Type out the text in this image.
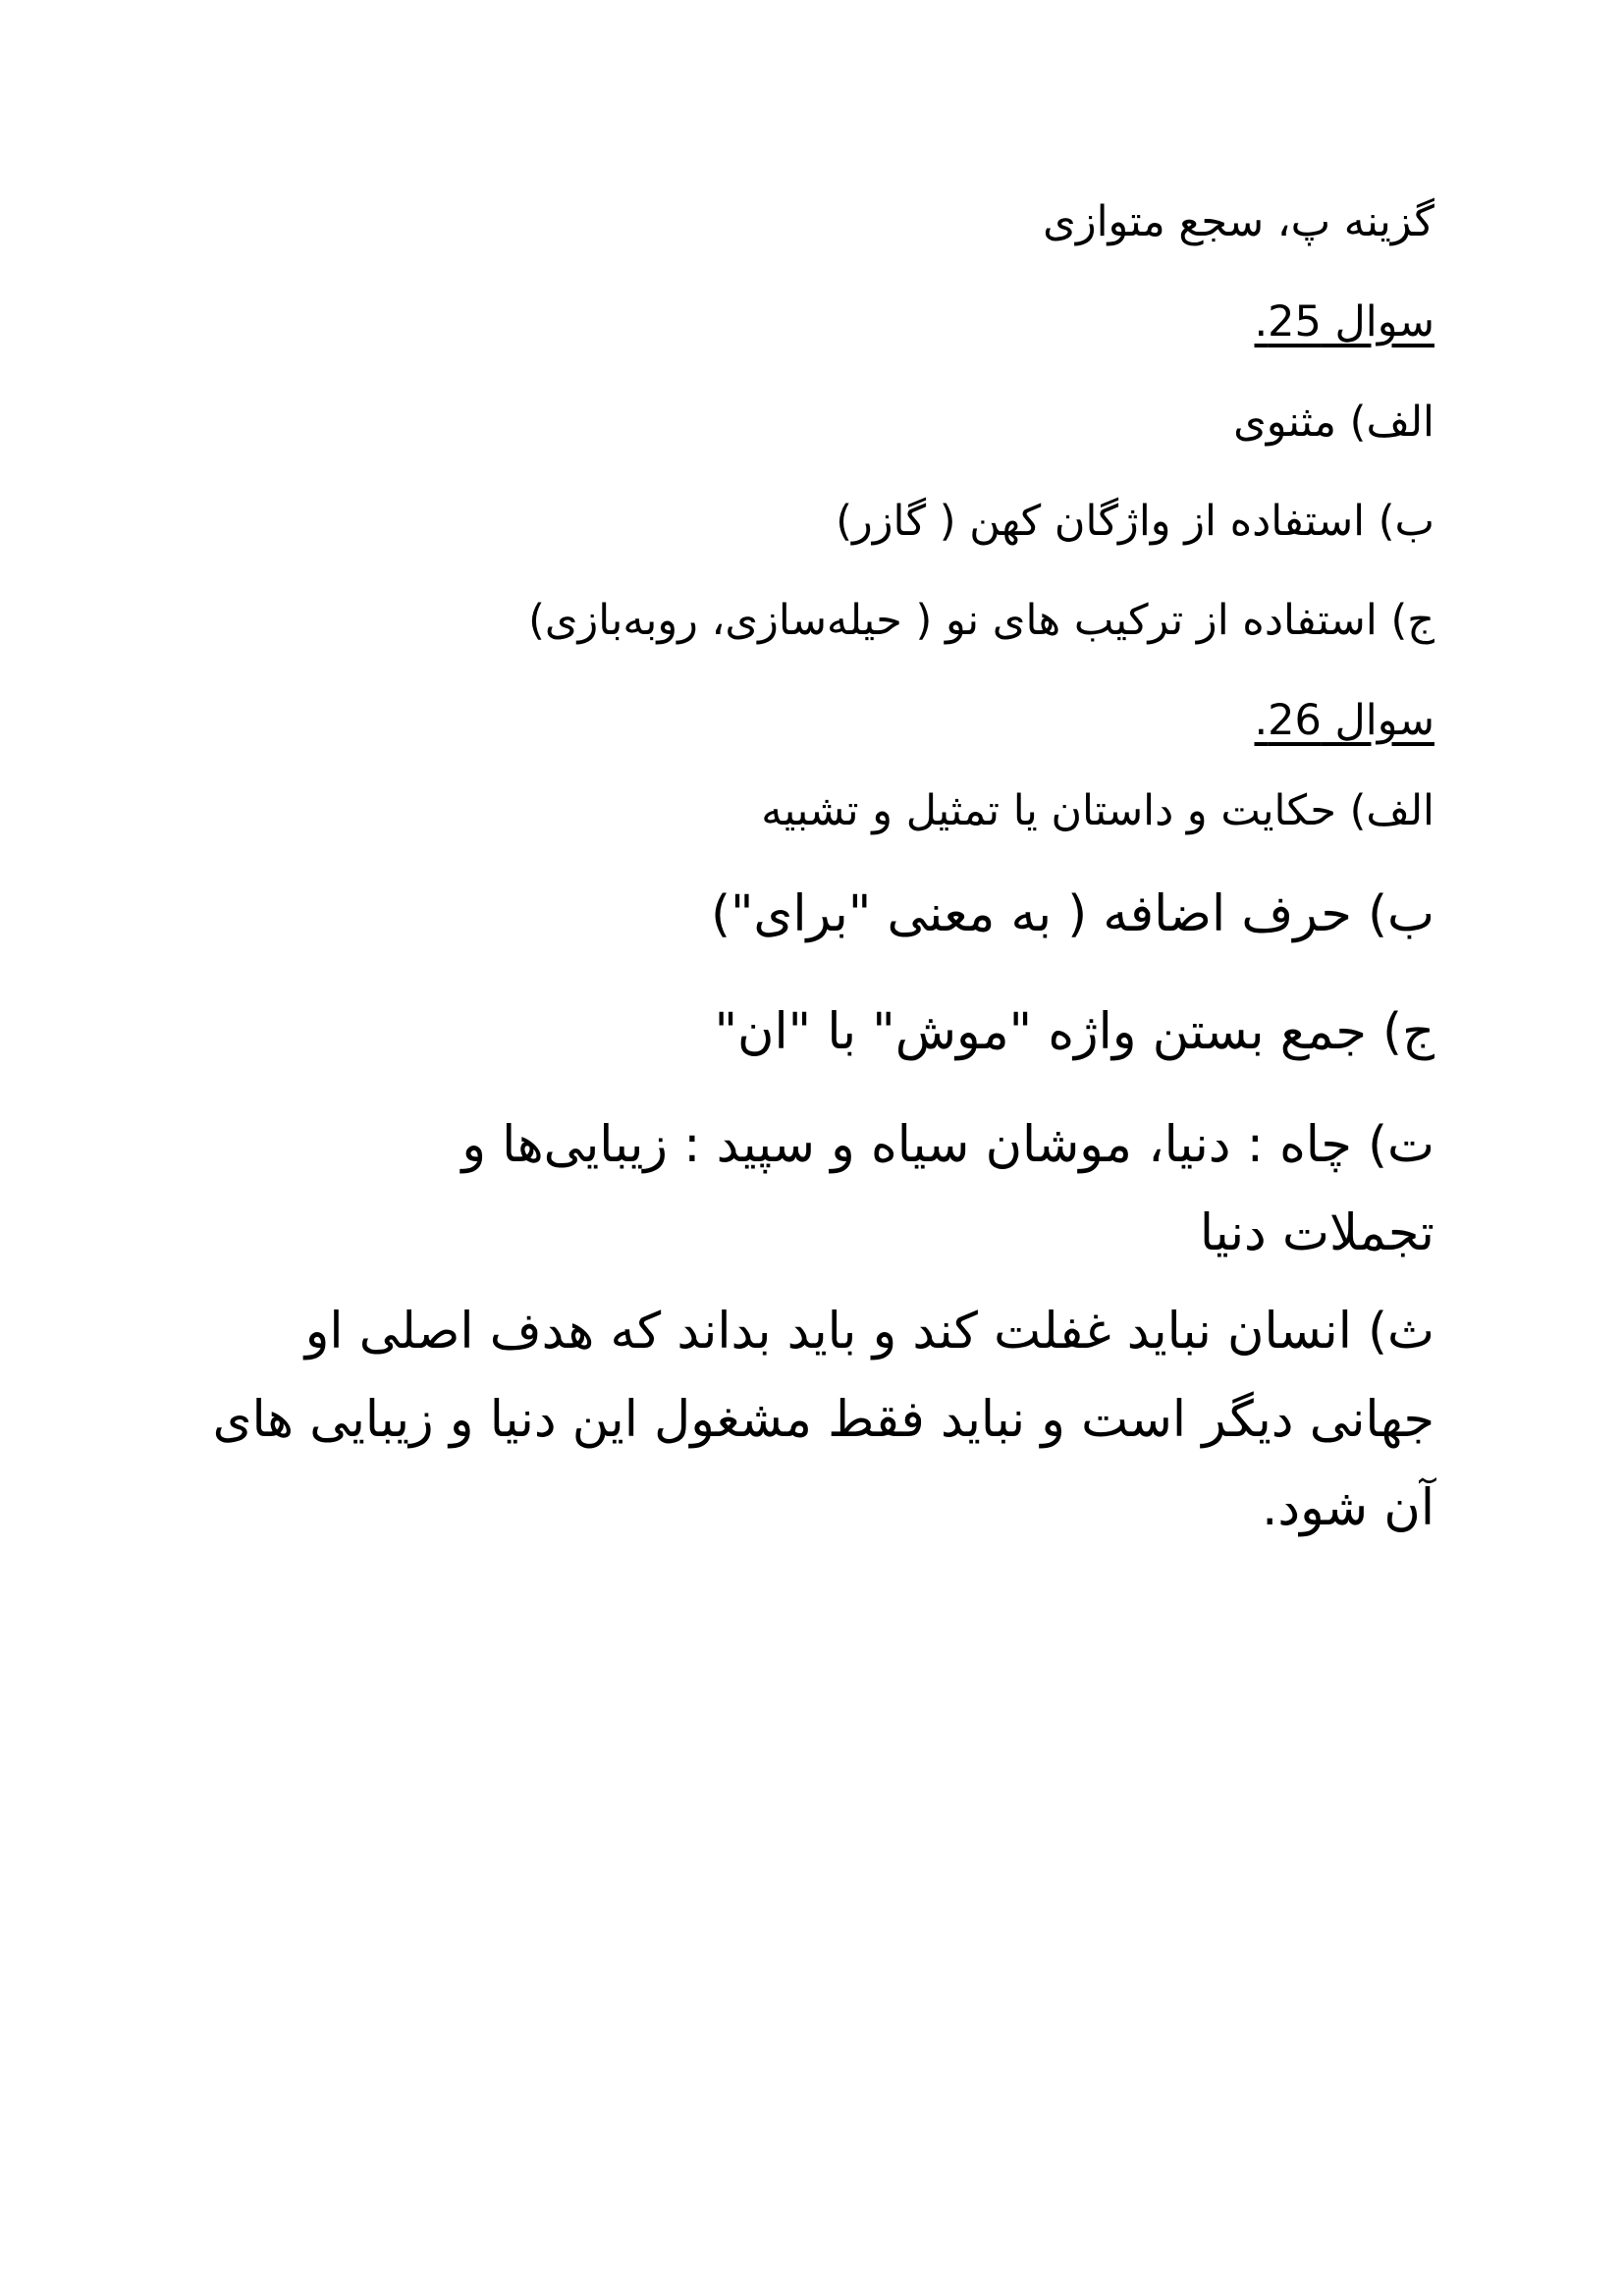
گزینه پ، سجع متوازی

سوال 25.

الف) مثنوی

ب) استفاده از واژگان کهن ( گازر)

ج) استفاده از ترکیب های نو ( حیله‌سازی، روبه‌بازی)

سوال 26.

الف) حکایت و داستان یا تمثیل و تشبیه

ب) حرف اضافه ( به معنی "برای")

ج) جمع بستن واژه "موش" با "ان"

ت) چاه : دنیا، موشان سیاه و سپید : زیبایی‌ها و تجملات دنیا

ث) انسان نباید غفلت کند و باید بداند که هدف اصلی او جهانی دیگر است و نباید فقط مشغول این دنیا و زیبایی های آن شود.
